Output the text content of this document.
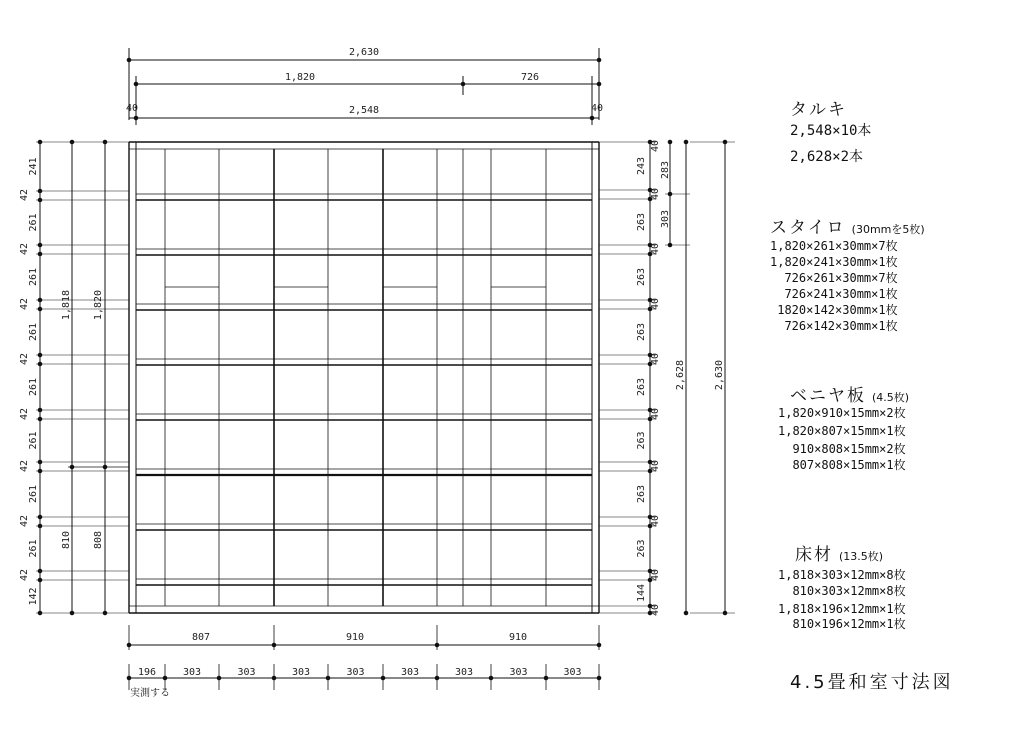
2,630
1,820	726
2,548
40	40
241
261
261
261
261
261
261
261
142
42
42
42
42
42
42
42
42
1,818 1,820
810 808
243
263
263
263
263
263
263
263
144
40
40
40
40
40
40
40
40
40
40
283
303
2,628	2,630
807	910	910
196	303	303	303	303	303	303	303	303
実測する
タルキ
2,548×10本
2,628×2本
スタイロ (30mmを5枚)
1,820×261×30mm×7枚
1,820×241×30mm×1枚
726×261×30mm×7枚
726×241×30mm×1枚
1820×142×30mm×1枚
726×142×30mm×1枚
ベニヤ板 (4.5枚)
1,820×910×15mm×2枚
1,820×807×15mm×1枚
910×808×15mm×2枚
807×808×15mm×1枚
床材 (13.5枚)
1,818×303×12mm×8枚
810×303×12mm×8枚
1,818×196×12mm×1枚
810×196×12mm×1枚
4.5畳和室寸法図
